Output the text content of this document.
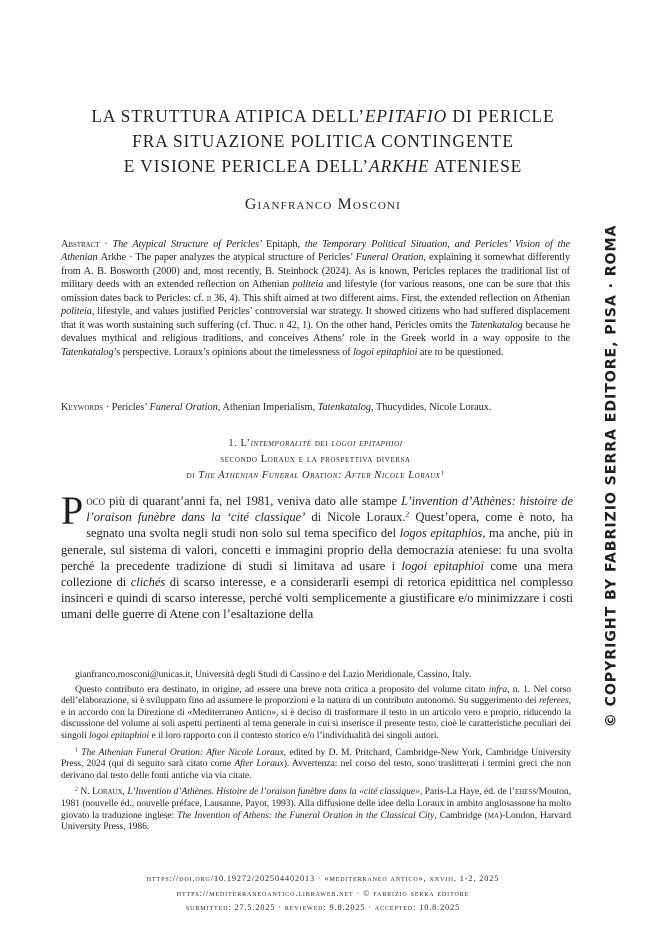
LA STRUTTURA ATIPICA DELL’EPITAFIO DI PERICLE
FRA SITUAZIONE POLITICA CONTINGENTE
E VISIONE PERICLEA DELL’ARKHE ATENIESE
Gianfranco Mosconi

Abstract · The Atypical Structure of Pericles’ Epitaph, the Temporary Political Situation, and Pericles’ Vision of the Athenian Arkhe · The paper analyzes the atypical structure of Pericles’ Funeral Oration, explaining it somewhat differently from A. B. Bosworth (2000) and, most recently, B. Steinbock (2024). As is known, Pericles replaces the traditional list of military deeds with an extended reflection on Athenian politeia and lifestyle (for various reasons, one can be sure that this omission dates back to Pericles: cf. ii 36, 4). This shift aimed at two different aims. First, the extended reflection on Athenian politeia, lifestyle, and values justified Pericles’ controversial war strategy. It showed citizens who had suffered displacement that it was worth sustaining such suffering (cf. Thuc. ii 42, 1). On the other hand, Pericles omits the Tatenkatalog because he devalues mythical and religious traditions, and conceives Athens’ role in the Greek world in a way opposite to the Tatenkatalog’s perspective. Loraux’s opinions about the timelessness of logoi epitaphioi are to be questioned.

Keywords · Pericles’ Funeral Oration, Athenian Imperialism, Tatenkatalog, Thucydides, Nicole Loraux.

1. L’intemporalité dei logoi epitaphioi
secondo Loraux e la prospettiva diversa
di The Athenian Funeral Oration: After Nicole Loraux$^1$

Poco più di quarant’anni fa, nel 1981, veniva dato alle stampe L’invention d’Athènes: histoire de l’oraison funèbre dans la ‘cité classique’ di Nicole Loraux.$^2$ Quest’opera, come è noto, ha segnato una svolta negli studi non solo sul tema specifico del logos epitaphios, ma anche, più in generale, sul sistema di valori, concetti e immagini proprio della democrazia ateniese: fu una svolta perché la precedente tradizione di studi si limitava ad usare i logoi epitaphioi come una mera collezione di clichés di scarso interesse, e a considerarli esempi di retorica epidittica nel complesso insinceri e quindi di scarso interesse, perché volti semplicemente a giustificare e/o minimizzare i costi umani delle guerre di Atene con l’esaltazione della

gianfranco.mosconi@unicas.it, Università degli Studi di Cassino e del Lazio Meridionale, Cassino, Italy.

Questo contributo era destinato, in origine, ad essere una breve nota critica a proposito del volume citato infra, n. 1. Nel corso dell’elaborazione, si è sviluppato fino ad assumere le proporzioni e la natura di un contributo autonomo. Su suggerimento dei referees, e in accordo con la Direzione di «Mediterraneo Antico», si è deciso di trasformare il testo in un articolo vero e proprio, riducendo la discussione del volume ai soli aspetti pertinenti al tema generale in cui si inserisce il presente testo, cioè le caratteristiche peculiari dei singoli logoi epitaphioi e il loro rapporto con il contesto storico e/o l’individualità dei singoli autori.

$^1$ The Athenian Funeral Oration: After Nicole Loraux, edited by D. M. Pritchard, Cambridge-New York, Cambridge University Press, 2024 (qui di seguito sarà citato come After Loraux). Avvertenza: nel corso del testo, sono traslitterati i termini greci che non derivano dal testo delle fonti antiche via via citate.

$^2$ N. Loraux, L’Invention d’Athènes. Histoire de l’oraison funèbre dans la «cité classique», Paris-La Haye, éd. de l’ehess/Mouton, 1981 (nouvelle éd., nouvelle préface, Lausanne, Payot, 1993). Alla diffusione delle idee della Loraux in ambito anglosassone ha molto giovato la traduzione inglese: The Invention of Athens: the Funeral Oration in the Classical City, Cambridge (ma)-London, Harvard University Press, 1986.

https://doi.org/10.19272/202504402013 · «mediterraneo antico», xxviii, 1-2, 2025
https://mediterraneoantico.libraweb.net · © fabrizio serra editore
submitted: 27.5.2025 · reviewed: 9.8.2025 · accepted: 10.8.2025
© COPYRIGHT BY FABRIZIO SERRA EDITORE, PISA · ROMA
